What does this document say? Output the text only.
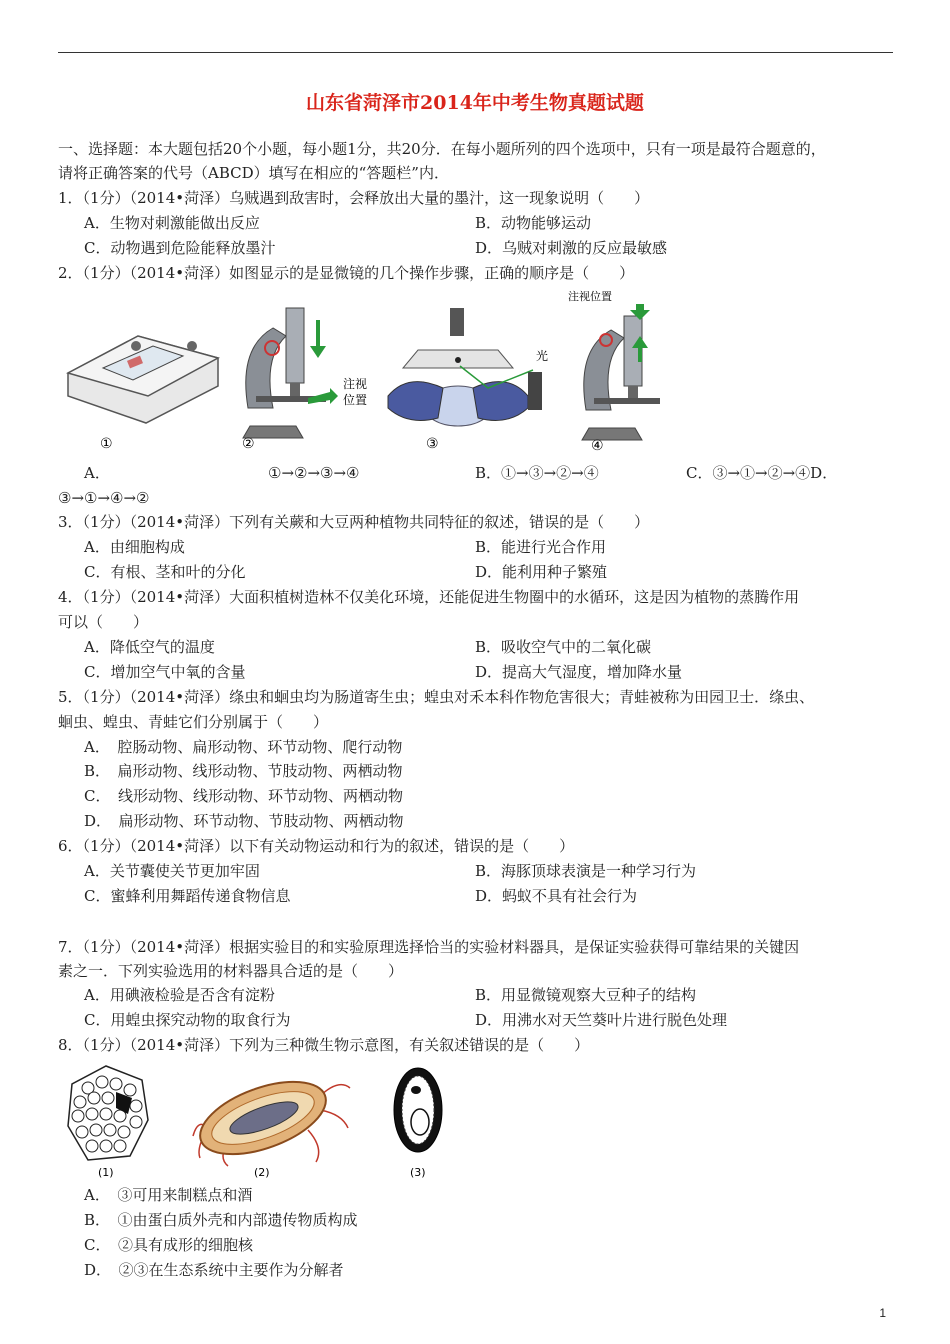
山东省菏泽市2014年中考生物真题试题
一、选择题：本大题包括20个小题，每小题1分，共20分．在每小题所列的四个选项中，只有一项是最符合题意的，
请将正确答案的代号（ABCD）填写在相应的“答题栏”内．
1．（1分）（2014•菏泽）乌贼遇到敌害时，会释放出大量的墨汁，这一现象说明（　　）
A．生物对刺激能做出反应	B．动物能够运动
C．动物遇到危险能释放墨汁	D．乌贼对刺激的反应最敏感
2．（1分）（2014•菏泽）如图显示的是显微镜的几个操作步骤，正确的顺序是（　　）
①
注视
位置
②
光
③
注视位置
④
A．	①→②→③→④	B．①→③→②→④	C．③→①→②→④D．
③→①→④→②
3．（1分）（2014•菏泽）下列有关蕨和大豆两种植物共同特征的叙述，错误的是（　　）
A．由细胞构成	B．能进行光合作用
C．有根、茎和叶的分化	D．能利用种子繁殖
4．（1分）（2014•菏泽）大面积植树造林不仅美化环境，还能促进生物圈中的水循环，这是因为植物的蒸腾作用
可以（　　）
A．降低空气的温度	B．吸收空气中的二氧化碳
C．增加空气中氧的含量	D．提高大气湿度，增加降水量
5．（1分）（2014•菏泽）绦虫和蛔虫均为肠道寄生虫；蝗虫对禾本科作物危害很大；青蛙被称为田园卫士．绦虫、
蛔虫、蝗虫、青蛙它们分别属于（　　）
A．　腔肠动物、扁形动物、环节动物、爬行动物
B．　扁形动物、线形动物、节肢动物、两栖动物
C．　线形动物、线形动物、环节动物、两栖动物
D．　扁形动物、环节动物、节肢动物、两栖动物
6．（1分）（2014•菏泽）以下有关动物运动和行为的叙述，错误的是（　　）
A．关节囊使关节更加牢固	B．海豚顶球表演是一种学习行为
C．蜜蜂利用舞蹈传递食物信息	D．蚂蚁不具有社会行为
7．（1分）（2014•菏泽）根据实验目的和实验原理选择恰当的实验材料器具，是保证实验获得可靠结果的关键因
素之一．下列实验选用的材料器具合适的是（　　）
A．用碘液检验是否含有淀粉	B．用显微镜观察大豆种子的结构
C．用蝗虫探究动物的取食行为	D．用沸水对天竺葵叶片进行脱色处理
8．（1分）（2014•菏泽）下列为三种微生物示意图，有关叙述错误的是（　　）
(1)	(2)	(3)
A．　③可用来制糕点和酒
B．　①由蛋白质外壳和内部遗传物质构成
C．　②具有成形的细胞核
D．　②③在生态系统中主要作为分解者
1
